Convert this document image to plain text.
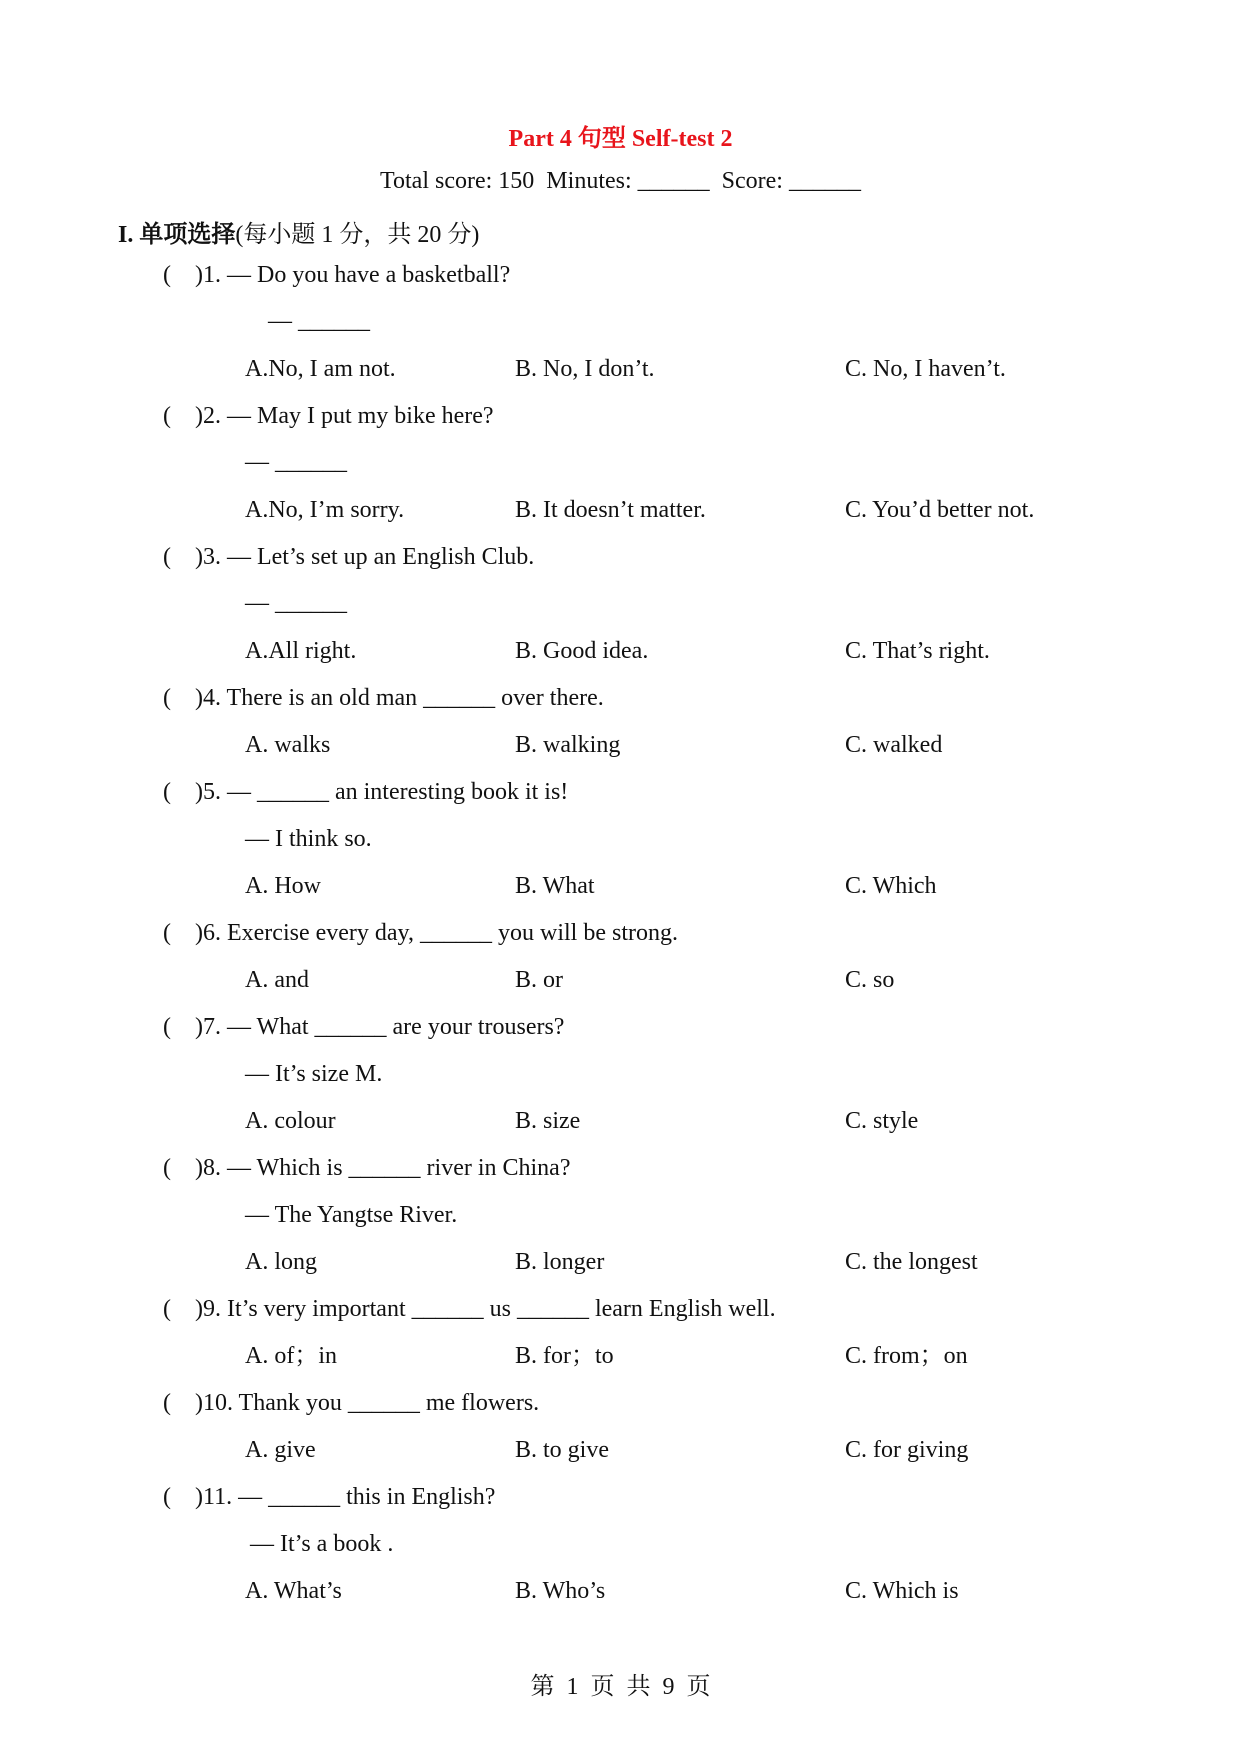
Part 4 句型 Self-test 2
Total score: 150  Minutes: ______  Score: ______
I. 单项选择(每小题 1 分，共 20 分)
(    )1. — Do you have a basketball?
— ______
A.No, I am not.	B. No, I don’t.	C. No, I haven’t.
(    )2. — May I put my bike here?
— ______
A.No, I’m sorry.	B. It doesn’t matter.	C. You’d better not.
(    )3. — Let’s set up an English Club.
— ______
A.All right.	B. Good idea.	C. That’s right.
(    )4. There is an old man ______ over there.
A. walks	B. walking	C. walked
(    )5. — ______ an interesting book it is!
— I think so.
A. How	B. What	C. Which
(    )6. Exercise every day, ______ you will be strong.
A. and	B. or	C. so
(    )7. — What ______ are your trousers?
— It’s size M.
A. colour	B. size	C. style
(    )8. — Which is ______ river in China?
— The Yangtse River.
A. long	B. longer	C. the longest
(    )9. It’s very important ______ us ______ learn English well.
A. of；in	B. for；to	C. from；on
(    )10. Thank you ______ me flowers.
A. give	B. to give	C. for giving
(    )11. — ______ this in English?
— It’s a book .
A. What’s	B. Who’s	C. Which is
第  1  页  共  9  页
